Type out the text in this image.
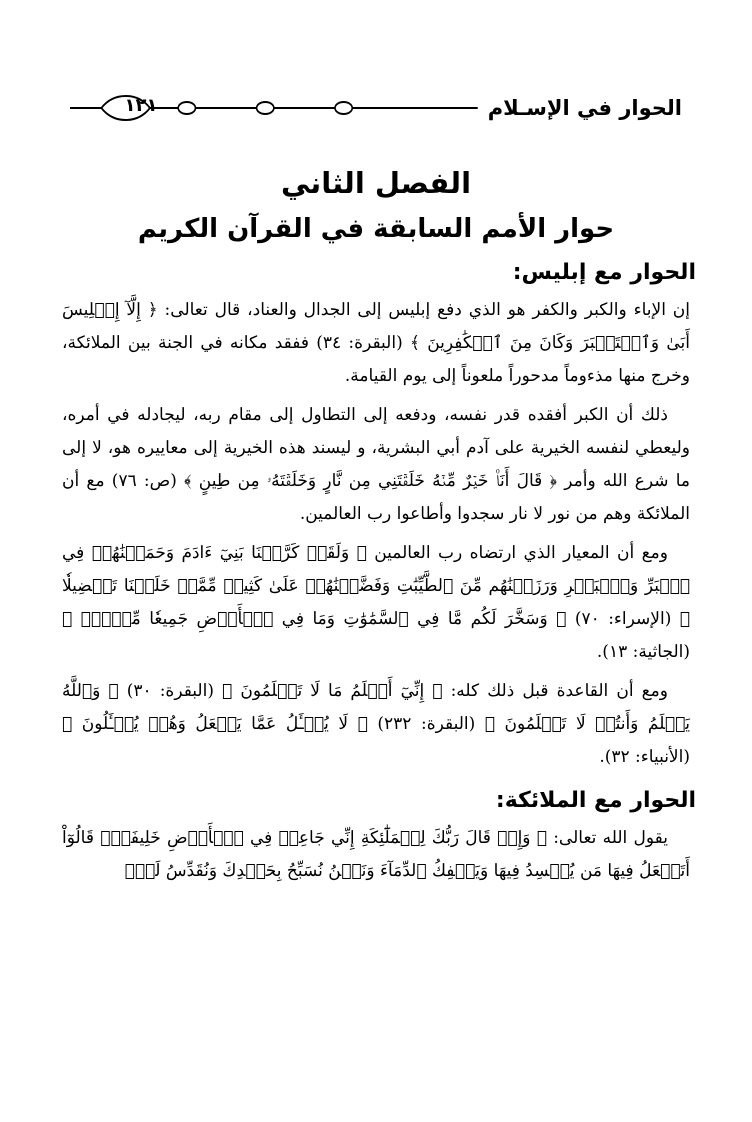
الحوار في الإسـلام
١٢١
الفصل الثاني
حوار الأمم السابقة في القرآن الكريم
الحوار مع إبليس:

إن الإباء والكبر والكفر هو الذي دفع إبليس إلى الجدال والعناد، قال تعالى: ﴿ إِلَّآ إِبۡلِيسَ أَبَىٰ وَٱسۡتَكۡبَرَ وَكَانَ مِنَ ٱلۡكَٰفِرِينَ ﴾ (البقرة: ٣٤) ففقد مكانه في الجنة بين الملائكة، وخرج منها مذءوماً مدحوراً ملعوناً إلى يوم القيامة.

ذلك أن الكبر أفقده قدر نفسه، ودفعه إلى التطاول إلى مقام ربه، ليجادله في أمره، وليعطي لنفسه الخيرية على آدم أبي البشرية، و ليسند هذه الخيرية إلى معاييره هو، لا إلى ما شرع الله وأمر ﴿ قَالَ أَنَا۠ خَيۡرٌ مِّنۡهُ خَلَقۡتَنِي مِن نَّارٍ وَخَلَقۡتَهُۥ مِن طِينٍ ﴾ (ص: ٧٦) مع أن الملائكة وهم من نور لا نار سجدوا وأطاعوا رب العالمين.

ومع أن المعيار الذي ارتضاه رب العالمين ﴿ وَلَقَدۡ كَرَّمۡنَا بَنِيٓ ءَادَمَ وَحَمَلۡنَٰهُمۡ فِي ٱلۡبَرِّ وَٱلۡبَحۡرِ وَرَزَقۡنَٰهُم مِّنَ ٱلطَّيِّبَٰتِ وَفَضَّلۡنَٰهُمۡ عَلَىٰ كَثِيرٖ مِّمَّنۡ خَلَقۡنَا تَفۡضِيلٗا ﴾ (الإسراء: ٧٠) ﴿ وَسَخَّرَ لَكُم مَّا فِي ٱلسَّمَٰوَٰتِ وَمَا فِي ٱلۡأَرۡضِ جَمِيعٗا مِّنۡهُۚ ﴾ (الجاثية: ١٣).

ومع أن القاعدة قبل ذلك كله: ﴿ إِنِّيٓ أَعۡلَمُ مَا لَا تَعۡلَمُونَ ﴾ (البقرة: ٣٠) ﴿ وَٱللَّهُ يَعۡلَمُ وَأَنتُمۡ لَا تَعۡلَمُونَ ﴾ (البقرة: ٢٣٢) ﴿ لَا يُسۡـَٔلُ عَمَّا يَفۡعَلُ وَهُمۡ يُسۡـَٔلُونَ ﴾ (الأنبياء: ٣٢).

الحوار مع الملائكة:

يقول الله تعالى: ﴿ وَإِذۡ قَالَ رَبُّكَ لِلۡمَلَٰٓئِكَةِ إِنِّي جَاعِلٞ فِي ٱلۡأَرۡضِ خَلِيفَةٗۖ قَالُوٓاْ أَتَجۡعَلُ فِيهَا مَن يُفۡسِدُ فِيهَا وَيَسۡفِكُ ٱلدِّمَآءَ وَنَحۡنُ نُسَبِّحُ بِحَمۡدِكَ وَنُقَدِّسُ لَكَۖ
